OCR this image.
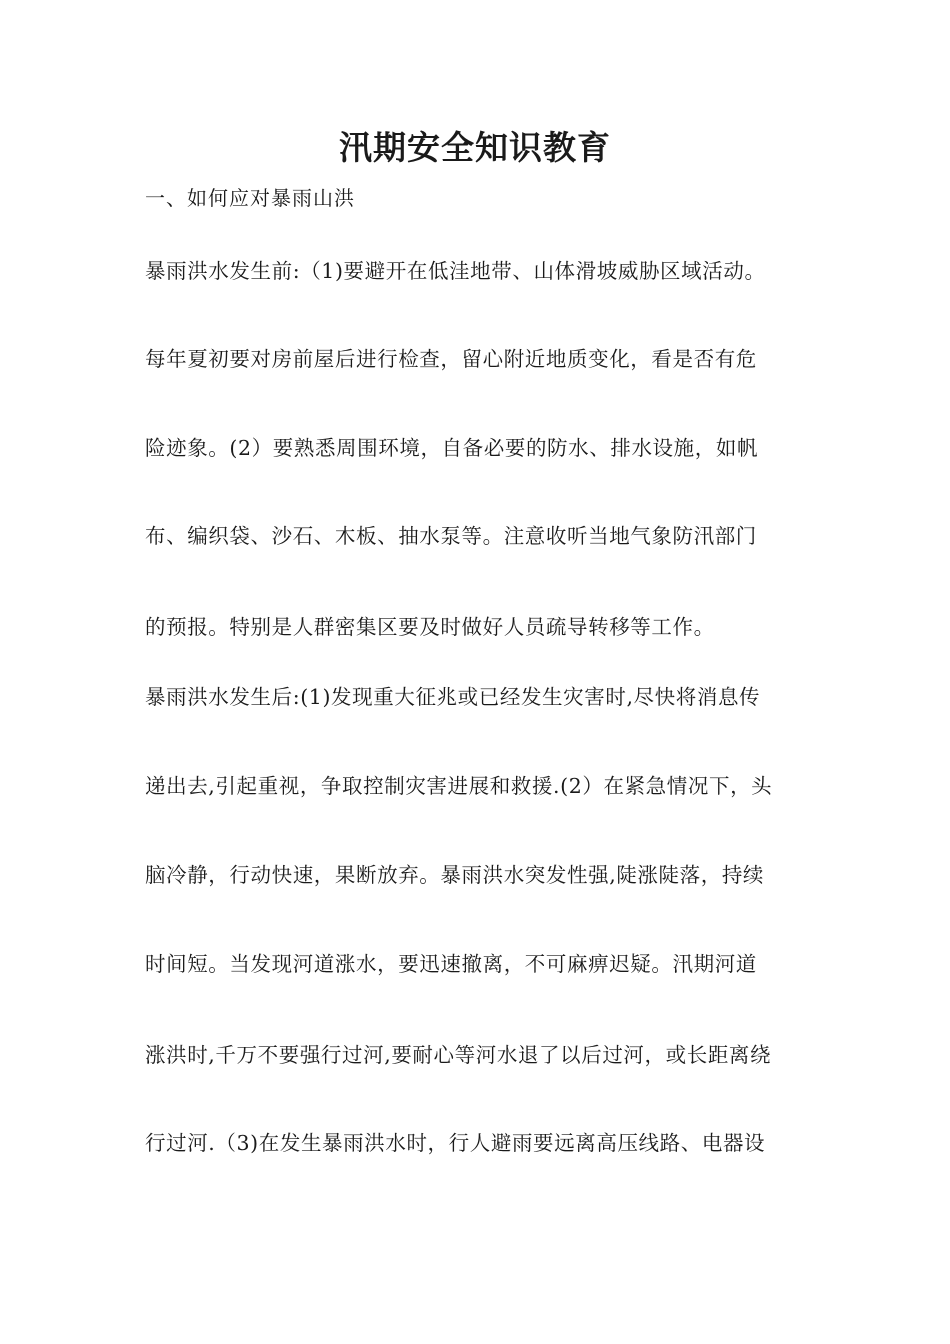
汛期安全知识教育

一、如何应对暴雨山洪

暴雨洪水发生前:（1)要避开在低洼地带、山体滑坡威胁区域活动。

每年夏初要对房前屋后进行检查，留心附近地质变化，看是否有危

险迹象。(2）要熟悉周围环境，自备必要的防水、排水设施，如帆

布、编织袋、沙石、木板、抽水泵等。注意收听当地气象防汛部门

的预报。特别是人群密集区要及时做好人员疏导转移等工作。

暴雨洪水发生后:(1)发现重大征兆或已经发生灾害时,尽快将消息传

递出去,引起重视，争取控制灾害进展和救援.(2）在紧急情况下，头

脑冷静，行动快速，果断放弃。暴雨洪水突发性强,陡涨陡落，持续

时间短。当发现河道涨水，要迅速撤离，不可麻痹迟疑。汛期河道

涨洪时,千万不要强行过河,要耐心等河水退了以后过河，或长距离绕

行过河.（3)在发生暴雨洪水时，行人避雨要远离高压线路、电器设
